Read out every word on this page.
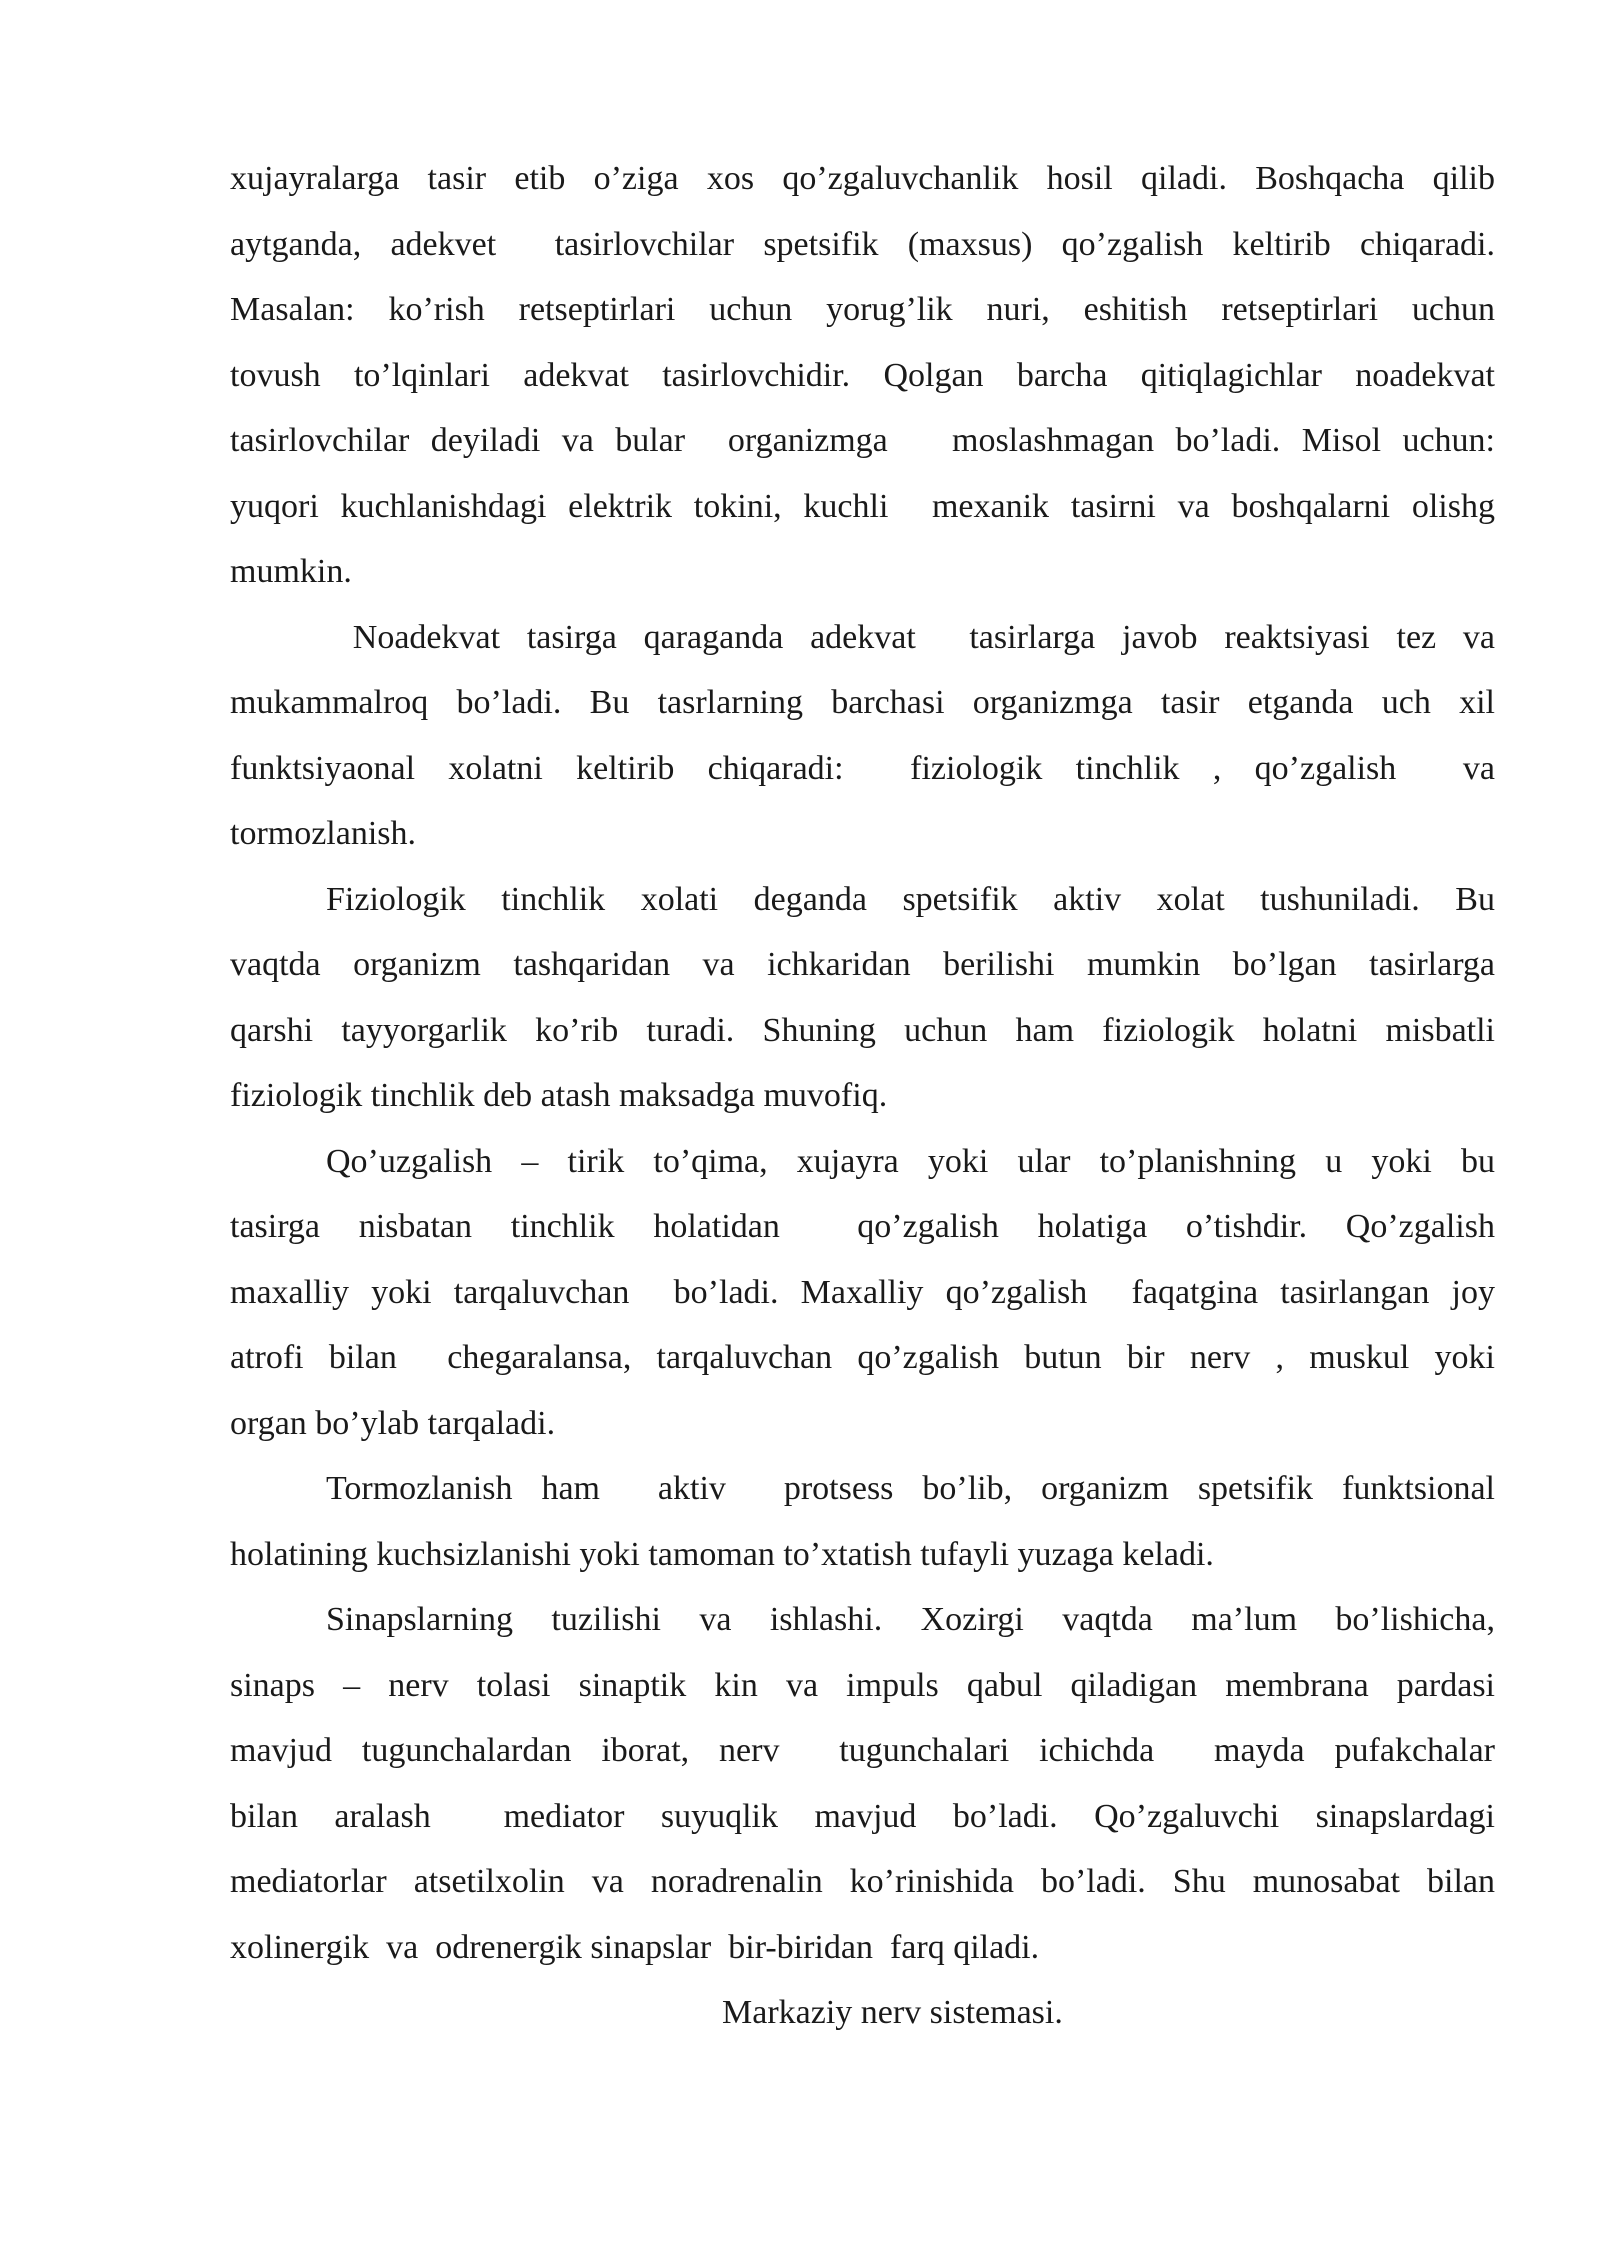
xujayralarga tasir etib o’ziga xos qo’zgaluvchanlik hosil qiladi. Boshqacha qilib
aytganda, adekvet  tasirlovchilar spetsifik (maxsus) qo’zgalish keltirib chiqaradi.
Masalan: ko’rish retseptirlari uchun yorug’lik nuri, eshitish retseptirlari uchun
tovush to’lqinlari adekvat tasirlovchidir. Qolgan barcha qitiqlagichlar noadekvat
tasirlovchilar deyiladi va bular  organizmga   moslashmagan bo’ladi. Misol uchun:
yuqori kuchlanishdagi elektrik tokini, kuchli  mexanik tasirni va boshqalarni olishg
mumkin.
Noadekvat tasirga qaraganda adekvat  tasirlarga javob reaktsiyasi tez va
mukammalroq bo’ladi. Bu tasrlarning barchasi organizmga tasir etganda uch xil
funktsiyaonal xolatni keltirib chiqaradi:  fiziologik tinchlik , qo’zgalish  va
tormozlanish.
Fiziologik tinchlik xolati deganda spetsifik aktiv xolat tushuniladi. Bu
vaqtda organizm tashqaridan va ichkaridan berilishi mumkin bo’lgan tasirlarga
qarshi tayyorgarlik ko’rib turadi. Shuning uchun ham fiziologik holatni misbatli
fiziologik tinchlik deb atash maksadga muvofiq.
Qo’uzgalish – tirik to’qima, xujayra yoki ular to’planishning u yoki bu
tasirga nisbatan tinchlik holatidan  qo’zgalish holatiga o’tishdir. Qo’zgalish
maxalliy yoki tarqaluvchan  bo’ladi. Maxalliy qo’zgalish  faqatgina tasirlangan joy
atrofi bilan  chegaralansa, tarqaluvchan qo’zgalish butun bir nerv , muskul yoki
organ bo’ylab tarqaladi.
Tormozlanish ham  aktiv  protsess bo’lib, organizm spetsifik funktsional
holatining kuchsizlanishi yoki tamoman to’xtatish tufayli yuzaga keladi.
Sinapslarning tuzilishi va ishlashi. Xozirgi vaqtda ma’lum bo’lishicha,
sinaps – nerv tolasi sinaptik kin va impuls qabul qiladigan membrana pardasi
mavjud tugunchalardan iborat, nerv  tugunchalari ichichda  mayda pufakchalar
bilan aralash  mediator suyuqlik mavjud bo’ladi. Qo’zgaluvchi sinapslardagi
mediatorlar atsetilxolin va noradrenalin ko’rinishida bo’ladi. Shu munosabat bilan
xolinergik  va  odrenergik sinapslar  bir-biridan  farq qiladi.
Markaziy nerv sistemasi.
